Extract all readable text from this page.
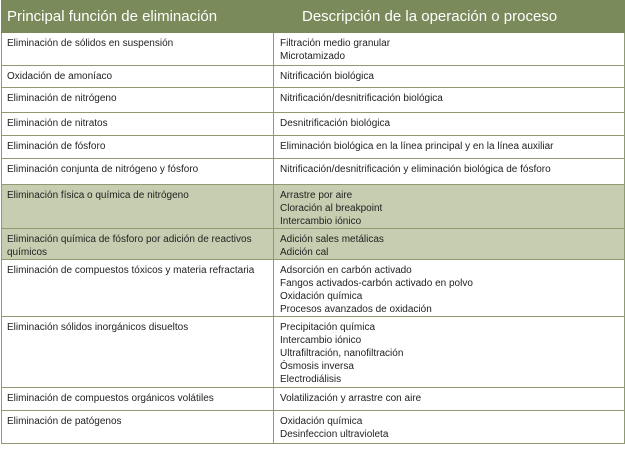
Principal función de eliminación	Descripción de la operación o proceso
Eliminación de sólidos en suspensión	Filtración medio granular
Microtamizado

Oxidación de amoníaco	Nitrificación biológica

Eliminación de nitrógeno	Nitrificación/desnitrificación biológica

Eliminación de nitratos	Desnitrificación biológica

Eliminación de fósforo	Eliminación biológica en la línea principal y en la línea auxiliar

Eliminación conjunta de nitrógeno y fósforo	Nitrificación/desnitrificación y eliminación biológica de fósforo

Eliminación física o química de nitrógeno	Arrastre por aire
Cloración al breakpoint
Intercambio iónico

Eliminación química de fósforo por adición de reactivos químicos	Adición sales metálicas
Adición cal

Eliminación de compuestos tóxicos y materia refractaria	Adsorción en carbón activado
Fangos activados-carbón activado en polvo
Oxidación química
Procesos avanzados de oxidación

Eliminación sólidos inorgánicos disueltos	Precipitación química
Intercambio iónico
Ultrafiltración, nanofiltración
Ósmosis inversa
Electrodiálisis

Eliminación de compuestos orgánicos volátiles	Volatilización y arrastre con aire

Eliminación de patógenos	Oxidación química
Desinfeccion ultravioleta
